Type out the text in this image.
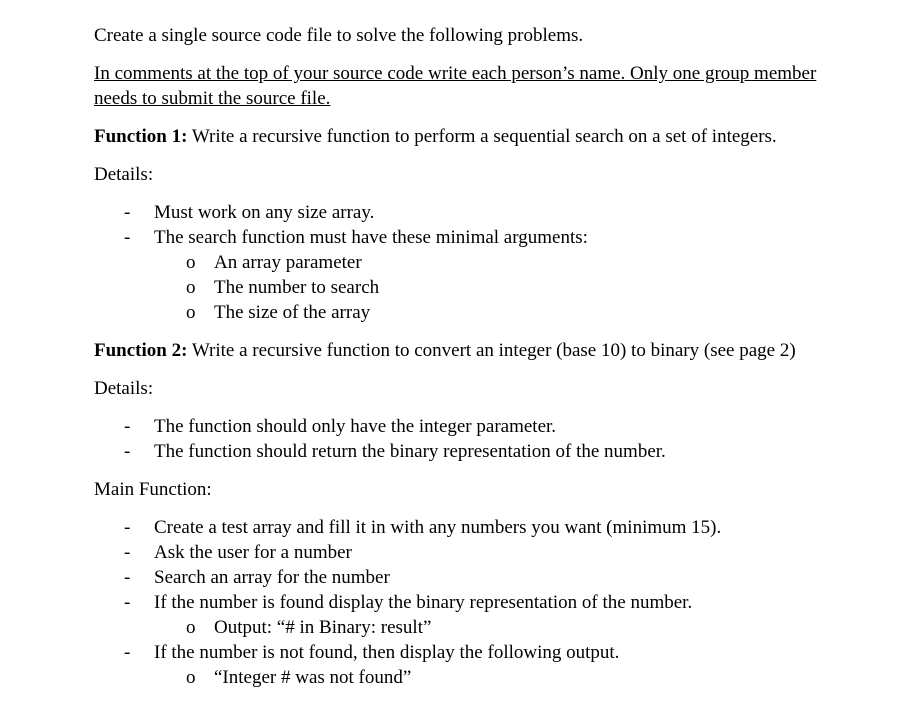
Create a single source code file to solve the following problems.

In comments at the top of your source code write each person’s name. Only one group member needs to submit the source file.

Function 1: Write a recursive function to perform a sequential search on a set of integers.

Details:

- Must work on any size array.
- The search function must have these minimal arguments:
o An array parameter
o The number to search
o The size of the array

Function 2: Write a recursive function to convert an integer (base 10) to binary (see page 2)

Details:

- The function should only have the integer parameter.
- The function should return the binary representation of the number.

Main Function:

- Create a test array and fill it in with any numbers you want (minimum 15).
- Ask the user for a number
- Search an array for the number
- If the number is found display the binary representation of the number.
o Output: “# in Binary: result”
- If the number is not found, then display the following output.
o “Integer # was not found”
